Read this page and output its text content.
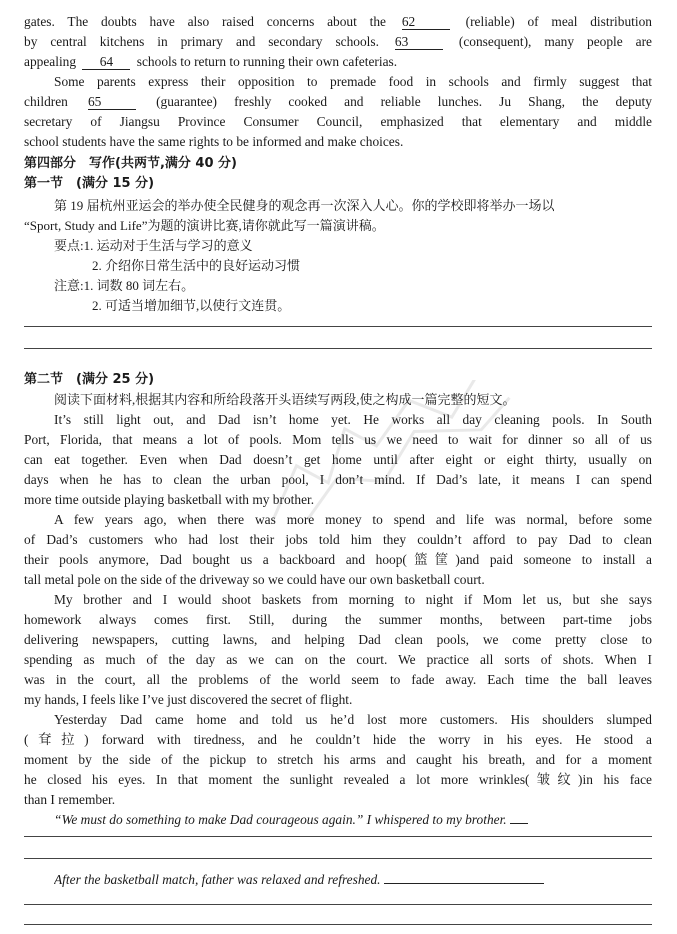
gates. The doubts have also raised concerns about the 62	(reliable) of meal distribution
by central kitchens in primary and secondary schools. 63	(consequent), many people are
appealing 64 schools to return to running their own cafeterias.
Some parents express their opposition to premade food in schools and firmly suggest that
children 65	(guarantee) freshly cooked and reliable lunches. Ju Shang, the deputy
secretary of Jiangsu Province Consumer Council, emphasized that elementary and middle
school students have the same rights to be informed and make choices.
第四部分　写作(共两节,满分 40 分)
第一节　(满分 15 分)
第 19 届杭州亚运会的举办使全民健身的观念再一次深入人心。你的学校即将举办一场以
“Sport, Study and Life”为题的演讲比赛,请你就此写一篇演讲稿。
要点:1. 运动对于生活与学习的意义
2. 介绍你日常生活中的良好运动习惯
注意:1. 词数 80 词左右。
2. 可适当增加细节,以使行文连贯。
第二节　(满分 25 分)
阅读下面材料,根据其内容和所给段落开头语续写两段,使之构成一篇完整的短文。
It’s still light out, and Dad isn’t home yet. He works all day cleaning pools. In South
Port, Florida, that means a lot of pools. Mom tells us we need to wait for dinner so all of us
can eat together. Even when Dad doesn’t get home until after eight or eight thirty, usually on
days when he has to clean the urban pool, I don’t mind. If Dad’s late, it means I can spend
more time outside playing basketball with my brother.
A few years ago, when there was more money to spend and life was normal, before some
of Dad’s customers who had lost their jobs told him they couldn’t afford to pay Dad to clean
their pools anymore, Dad bought us a backboard and hoop(篮筐)and paid someone to install a
tall metal pole on the side of the driveway so we could have our own basketball court.
My brother and I would shoot baskets from morning to night if Mom let us, but she says
homework always comes first. Still, during the summer months, between part-time jobs
delivering newspapers, cutting lawns, and helping Dad clean pools, we come pretty close to
spending as much of the day as we can on the court. We practice all sorts of shots. When I
was in the court, all the problems of the world seem to fade away. Each time the ball leaves
my hands, I feels like I’ve just discovered the secret of flight.
Yesterday Dad came home and told us he’d lost more customers. His shoulders slumped
(耷拉) forward with tiredness, and he couldn’t hide the worry in his eyes. He stood a
moment by the side of the pickup to stretch his arms and caught his breath, and for a moment
he closed his eyes. In that moment the sunlight revealed a lot more wrinkles(皱纹)in his face
than I remember.
“We must do something to make Dad courageous again.” I whispered to my brother.
After the basketball match, father was relaxed and refreshed.
